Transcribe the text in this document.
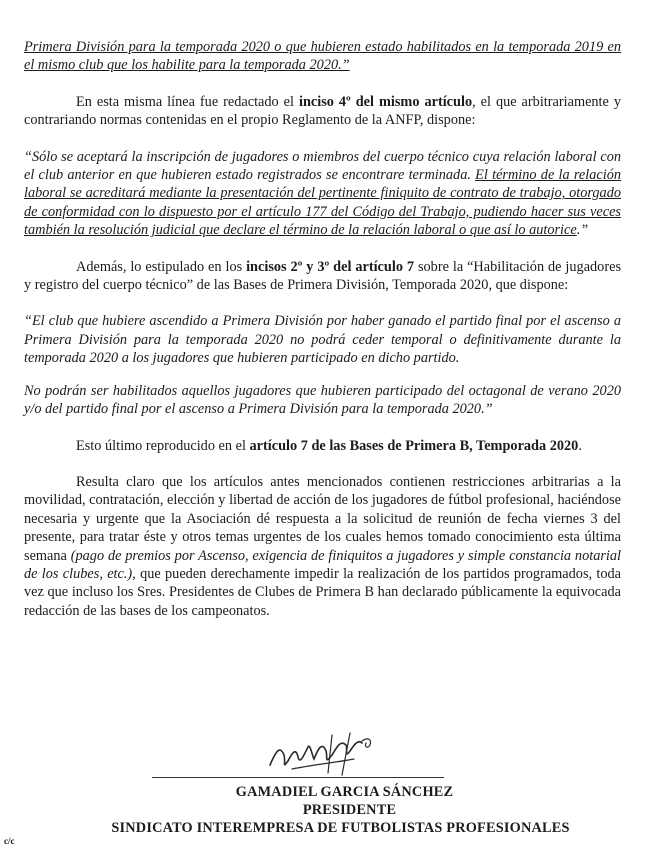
Primera División para la temporada 2020 o que hubieren estado habilitados en la temporada 2019 en el mismo club que los habilite para la temporada 2020.”

En esta misma línea fue redactado el inciso 4º del mismo artículo, el que arbitrariamente y contrariando normas contenidas en el propio Reglamento de la ANFP, dispone:

“Sólo se aceptará la inscripción de jugadores o miembros del cuerpo técnico cuya relación laboral con el club anterior en que hubieren estado registrados se encontrare terminada. El término de la relación laboral se acreditará mediante la presentación del pertinente finiquito de contrato de trabajo, otorgado de conformidad con lo dispuesto por el artículo 177 del Código del Trabajo, pudiendo hacer sus veces también la resolución judicial que declare el término de la relación laboral o que así lo autorice.”

Además, lo estipulado en los incisos 2º y 3º del artículo 7 sobre la “Habilitación de jugadores y registro del cuerpo técnico” de las Bases de Primera División, Temporada 2020, que dispone:

“El club que hubiere ascendido a Primera División por haber ganado el partido final por el ascenso a Primera División para la temporada 2020 no podrá ceder temporal o definitivamente durante la temporada 2020 a los jugadores que hubieren participado en dicho partido.

No podrán ser habilitados aquellos jugadores que hubieren participado del octagonal de verano 2020 y/o del partido final por el ascenso a Primera División para la temporada 2020.”

Esto último reproducido en el artículo 7 de las Bases de Primera B, Temporada 2020.

Resulta claro que los artículos antes mencionados contienen restricciones arbitrarias a la movilidad, contratación, elección y libertad de acción de los jugadores de fútbol profesional, haciéndose necesaria y urgente que la Asociación dé respuesta a la solicitud de reunión de fecha viernes 3 del presente, para tratar éste y otros temas urgentes de los cuales hemos tomado conocimiento esta última semana (pago de premios por Ascenso, exigencia de finiquitos a jugadores y simple constancia notarial de los clubes, etc.), que pueden derechamente impedir la realización de los partidos programados, toda vez que incluso los Sres. Presidentes de Clubes de Primera B han declarado públicamente la equivocada redacción de las bases de los campeonatos.

GAMADIEL GARCIA SÁNCHEZ
PRESIDENTE
SINDICATO INTEREMPRESA DE FUTBOLISTAS PROFESIONALES
c/c
